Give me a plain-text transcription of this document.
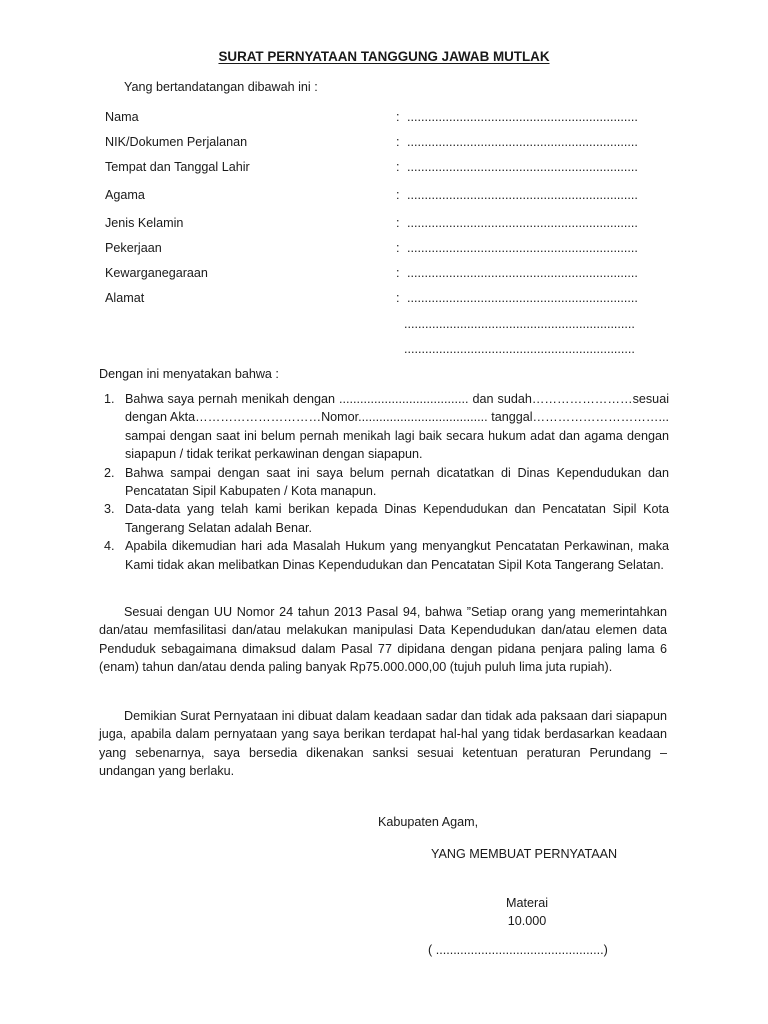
SURAT PERNYATAAN TANGGUNG JAWAB MUTLAK
Yang bertandatangan dibawah ini :
Nama	: ..................................................................
NIK/Dokumen Perjalanan	: ..................................................................
Tempat dan Tanggal Lahir	: ..................................................................
Agama	: ..................................................................
Jenis Kelamin	: ..................................................................
Pekerjaan	: ..................................................................
Kewarganegaraan	: ..................................................................
Alamat	: ..................................................................
..................................................................
..................................................................
Dengan ini menyatakan bahwa :
1. Bahwa saya pernah menikah dengan ..................................... dan sudah……………………sesuai dengan Akta…………………………Nomor..................................... tanggal…………………………... sampai dengan saat ini belum pernah menikah lagi baik secara hukum adat dan agama dengan siapapun / tidak terikat perkawinan dengan siapapun.
2. Bahwa sampai dengan saat ini saya belum pernah dicatatkan di Dinas Kependudukan dan Pencatatan Sipil Kabupaten / Kota manapun.
3. Data-data yang telah kami berikan kepada Dinas Kependudukan dan Pencatatan Sipil Kota Tangerang Selatan adalah Benar.
4. Apabila dikemudian hari ada Masalah Hukum yang menyangkut Pencatatan Perkawinan, maka Kami tidak akan melibatkan Dinas Kependudukan dan Pencatatan Sipil Kota Tangerang Selatan.
Sesuai dengan UU Nomor 24 tahun 2013 Pasal 94, bahwa ”Setiap orang yang memerintahkan dan/atau memfasilitasi dan/atau melakukan manipulasi Data Kependudukan dan/atau elemen data Penduduk sebagaimana dimaksud dalam Pasal 77 dipidana dengan pidana penjara paling lama 6 (enam) tahun dan/atau denda paling banyak Rp75.000.000,00 (tujuh puluh lima juta rupiah).
Demikian Surat Pernyataan ini dibuat dalam keadaan sadar dan tidak ada paksaan dari siapapun juga, apabila dalam pernyataan yang saya berikan terdapat hal-hal yang tidak berdasarkan keadaan yang sebenarnya, saya bersedia dikenakan sanksi sesuai ketentuan peraturan Perundang – undangan yang berlaku.
Kabupaten Agam,
YANG MEMBUAT PERNYATAAN
Materai
10.000
( ................................................)
